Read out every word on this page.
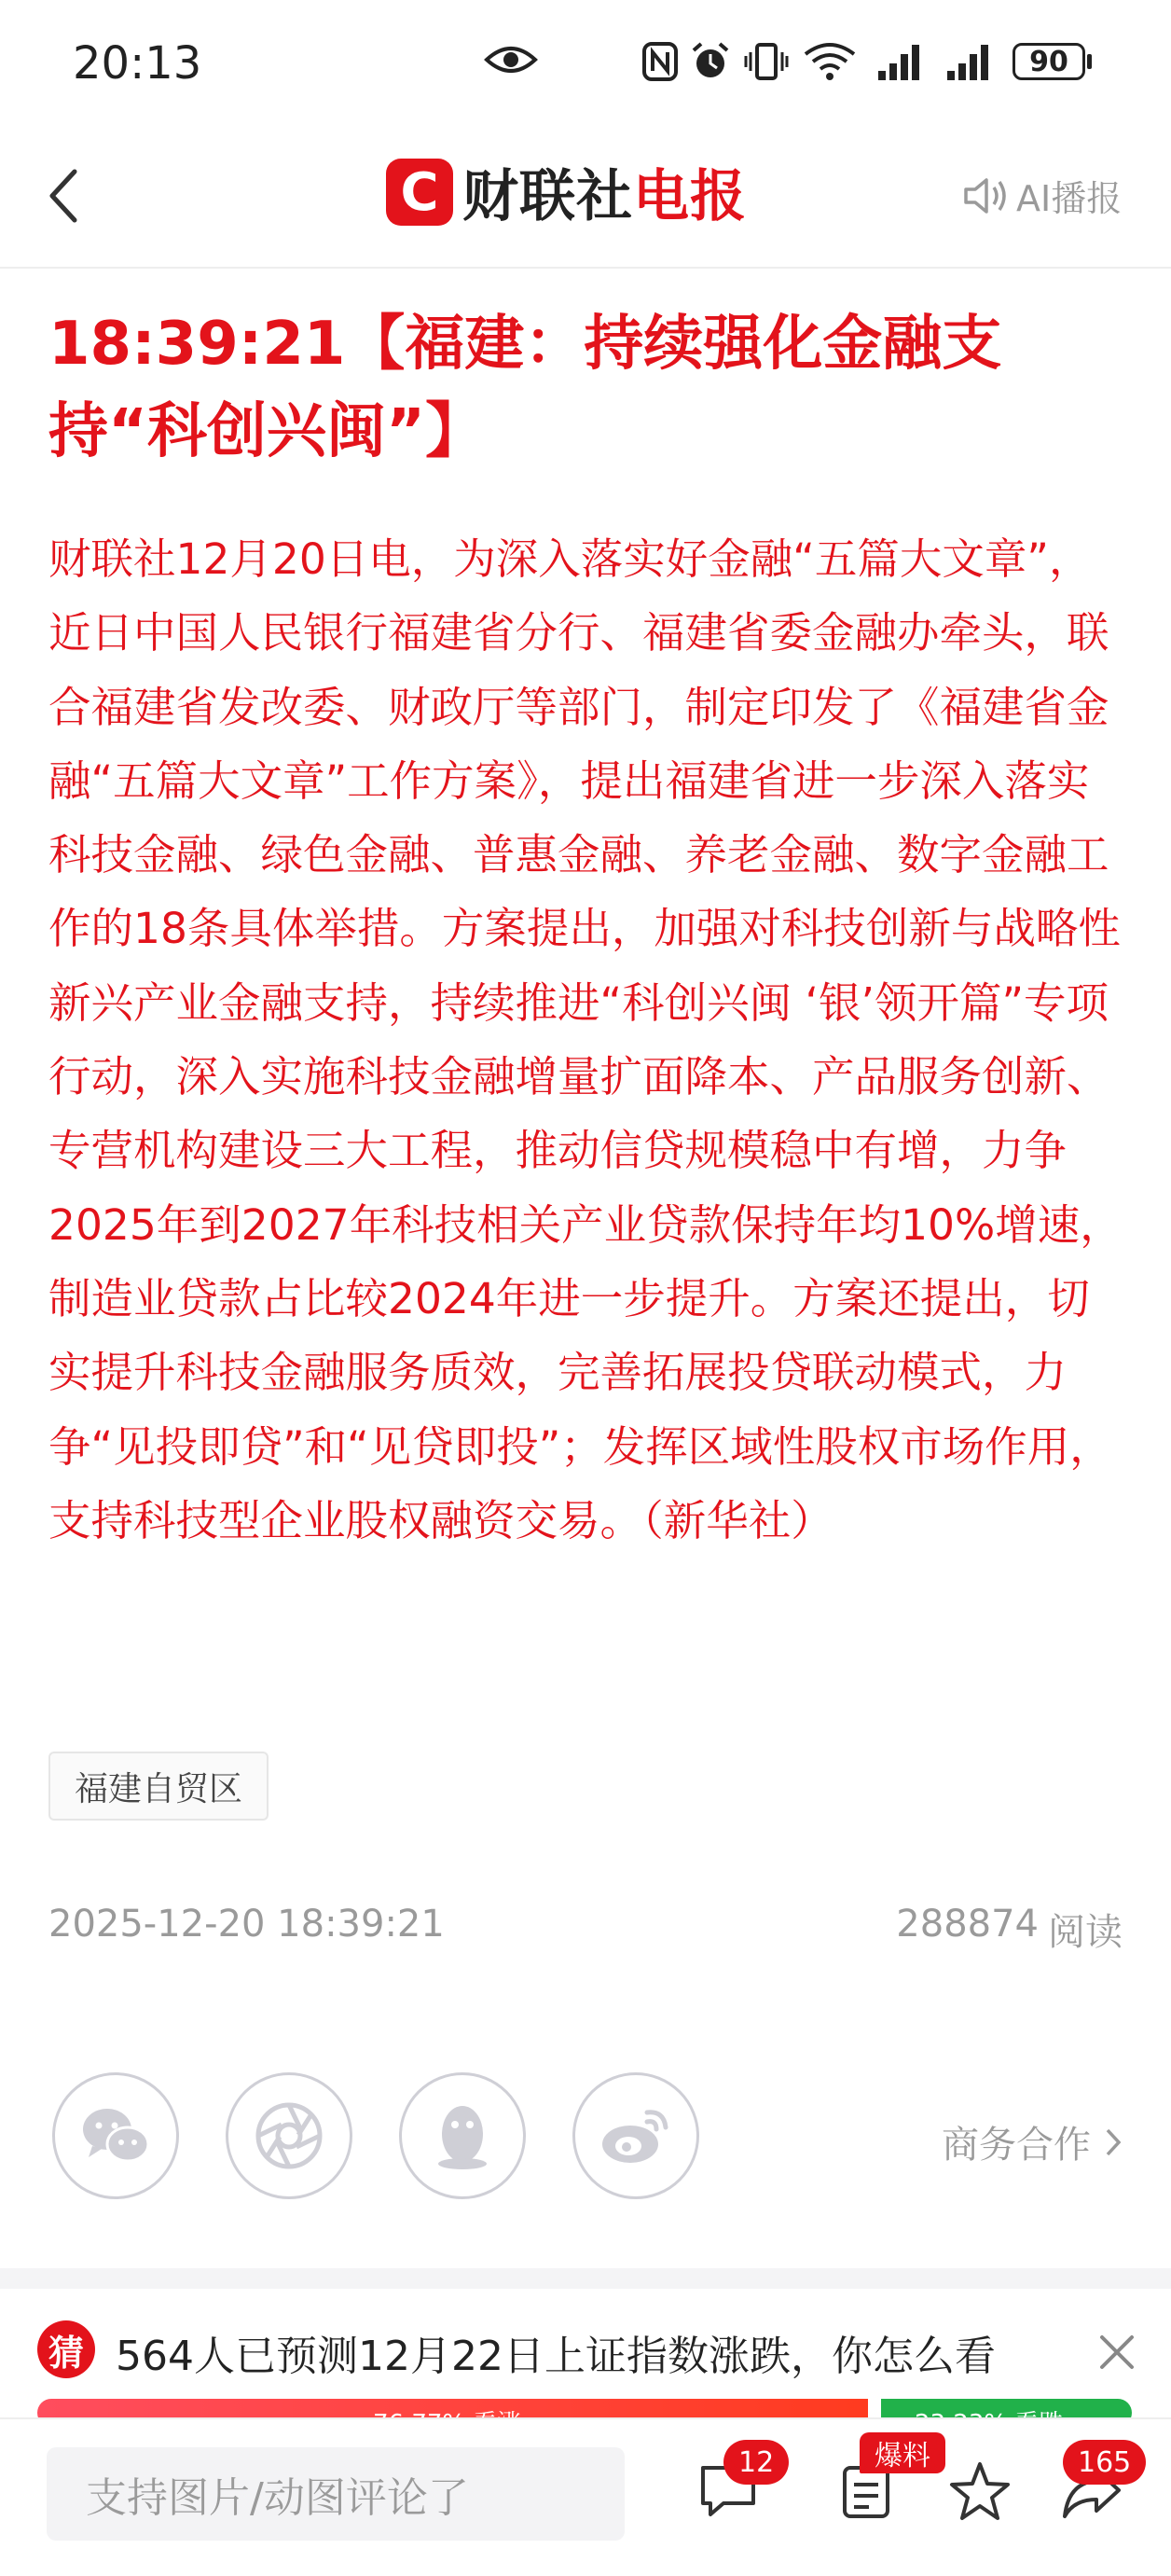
20:13	90
C 财联社电报	AI播报
18:39:21【福建：持续强化金融支持“科创兴闽”】

财联社12月20日电，为深入落实好金融“五篇大文章”，近日中国人民银行福建省分行、福建省委金融办牵头，联合福建省发改委、财政厅等部门，制定印发了《福建省金融“五篇大文章”工作方案》，提出福建省进一步深入落实科技金融、绿色金融、普惠金融、养老金融、数字金融工作的18条具体举措。方案提出，加强对科技创新与战略性新兴产业金融支持，持续推进“科创兴闽 ‘银’领开篇”专项行动，深入实施科技金融增量扩面降本、产品服务创新、专营机构建设三大工程，推动信贷规模稳中有增，力争2025年到2027年科技相关产业贷款保持年均10%增速，制造业贷款占比较2024年进一步提升。方案还提出，切实提升科技金融服务质效，完善拓展投贷联动模式，力争“见投即贷”和“见贷即投”；发挥区域性股权市场作用，支持科技型企业股权融资交易。（新华社）

福建自贸区
2025-12-20 18:39:21	288874 阅读
商务合作
猜 564人已预测12月22日上证指数涨跌，你怎么看
支持图片/动图评论了
12	爆料	165
